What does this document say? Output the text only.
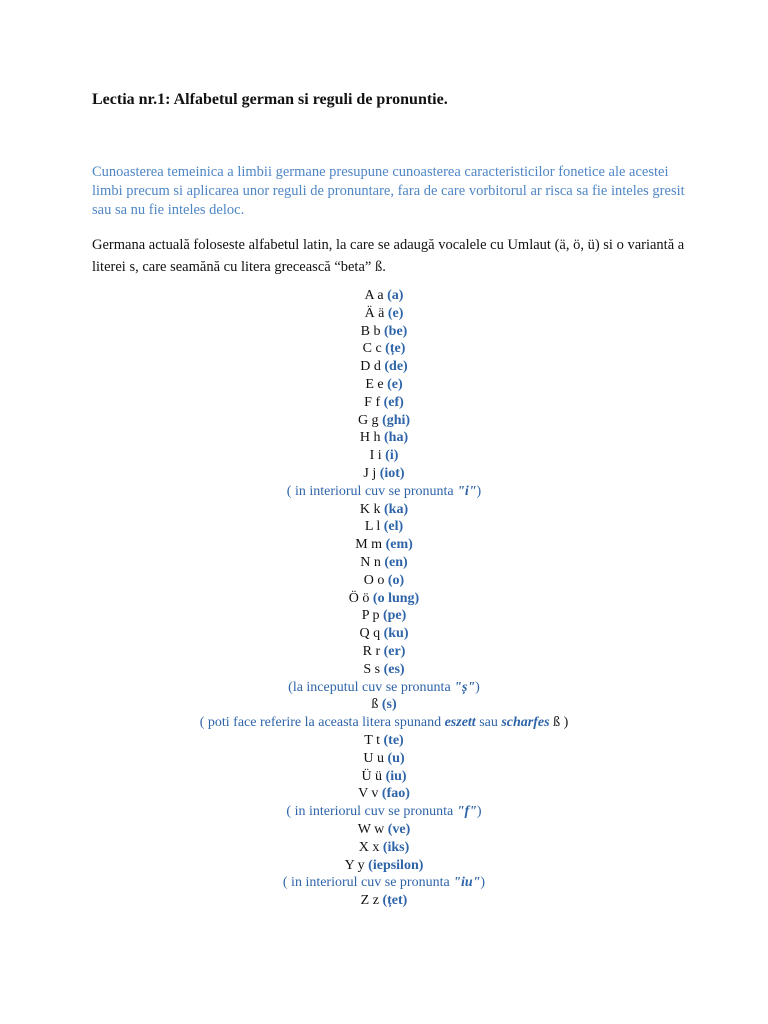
Lectia nr.1: Alfabetul german si reguli de pronuntie.

Cunoasterea temeinica a limbii germane presupune cunoasterea caracteristicilor fonetice ale acestei limbi precum si aplicarea unor reguli de pronuntare, fara de care vorbitorul ar risca sa fie inteles gresit sau sa nu fie inteles deloc.

Germana actuală foloseste alfabetul latin, la care se adaugă vocalele cu Umlaut (ä, ö, ü) si o variantă a literei s, care seamănă cu litera grecească “beta” ß.

A a (a)
Ä ä (e)
B b (be)
C c (țe)
D d (de)
E e (e)
F f (ef)
G g (ghi)
H h (ha)
I i (i)
J j (iot)
( in interiorul cuv se pronunta "i")
K k (ka)
L l (el)
M m (em)
N n (en)
O o (o)
Ö ö (o lung)
P p (pe)
Q q (ku)
R r (er)
S s (es)
(la inceputul cuv se pronunta "ș")
ß (s)
( poti face referire la aceasta litera spunand eszett sau scharfes ß )
T t (te)
U u (u)
Ü ü (iu)
V v (fao)
( in interiorul cuv se pronunta "f")
W w (ve)
X x (iks)
Y y (iepsilon)
( in interiorul cuv se pronunta "iu")
Z z (țet)
